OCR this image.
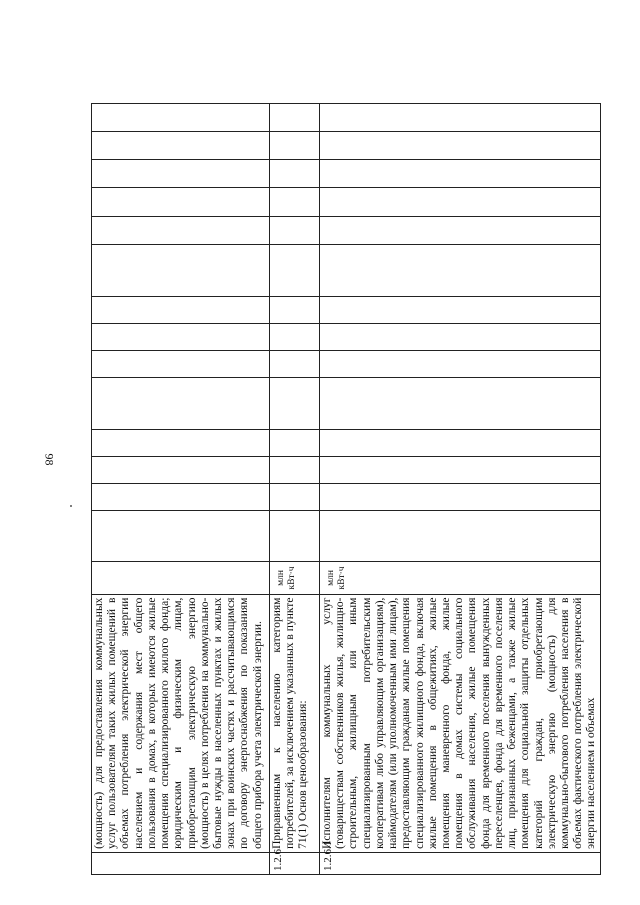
98
	(мощность) для предоставления коммунальных услуг пользователям таких жилых помещений в объемах потребления электрической энергии населением и содержания мест общего пользования в домах, в которых имеются жилые помещения специализированного жилого фонда; юридическим и физическим лицам, приобретающим электрическую энергию (мощность) в целях потребления на коммунально-бытовые нужды в населенных пунктах и жилых зонах при воинских частях и рассчитывающимся по договору энергоснабжения по показаниям общего прибора учета электрической энергии.															
1.2.6	Приравненным к населению категориям потребителей, за исключением указанных в пункте 71(1) Основ ценообразования:	млн кВт·ч														
1.2.6.1	Исполнителям коммунальных услуг (товариществам собственников жилья, жилищно-строительным, жилищным или иным специализированным потребительским кооперативам либо управляющим организациям), наймодателям (или уполномоченным ими лицам), предоставляющим гражданам жилые помещения специализированного жилищного фонда, включая жилые помещения в общежитиях, жилые помещения маневренного фонда, жилые помещения в домах системы социального обслуживания населения, жилые помещения фонда для временного поселения вынужденных переселенцев, фонда для временного поселения лиц, признанных беженцами, а также жилые помещения для социальной защиты отдельных категорий граждан, приобретающим электрическую энергию (мощность) для коммунально-бытового потребления населения в объемах фактического потребления электрической энергии населением и объемах	млн кВт·ч														
